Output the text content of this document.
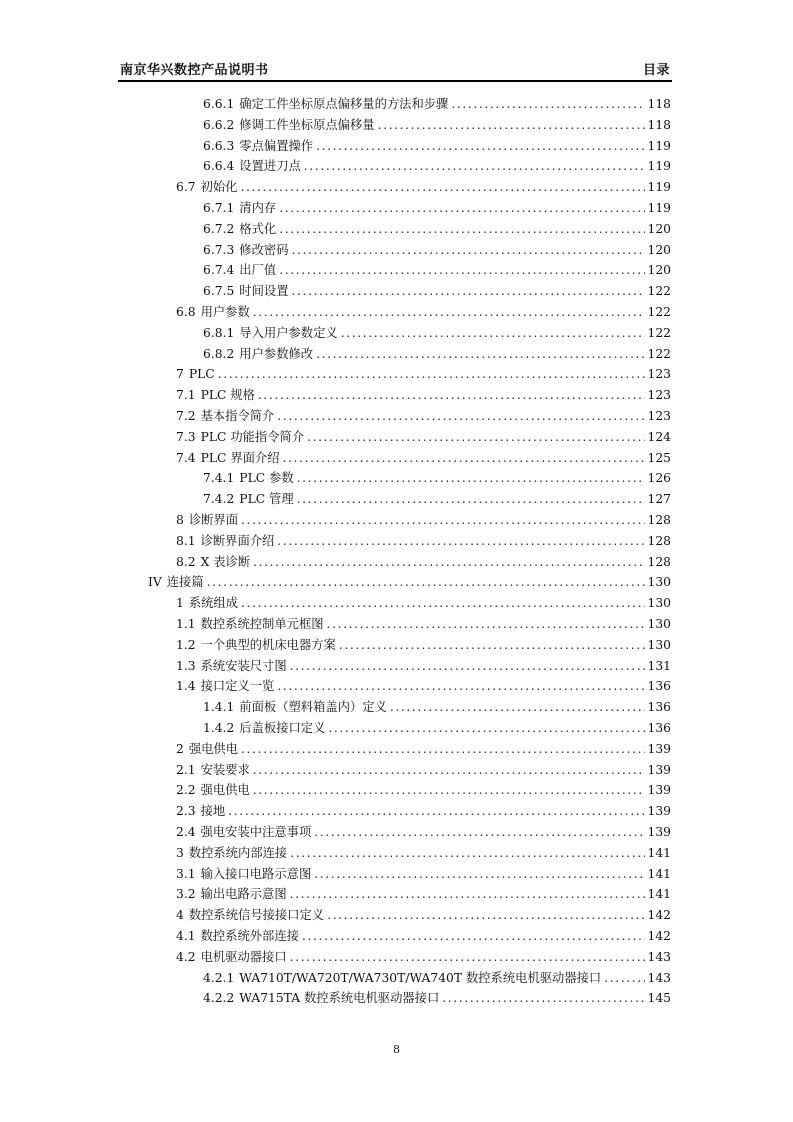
南京华兴数控产品说明书	目录
6.6.1 确定工件坐标原点偏移量的方法和步骤 .....	118
6.6.2 修调工件坐标原点偏移量 .....	118
6.6.3 零点偏置操作 .....	119
6.6.4 设置进刀点 .....	119
6.7 初始化 .....	119
6.7.1 清内存 .....	119
6.7.2 格式化 .....	120
6.7.3 修改密码 .....	120
6.7.4 出厂值 .....	120
6.7.5 时间设置 .....	122
6.8 用户参数 .....	122
6.8.1 导入用户参数定义 .....	122
6.8.2 用户参数修改 .....	122
7 PLC .....	123
7.1 PLC 规格 .....	123
7.2 基本指令简介 .....	123
7.3 PLC 功能指令简介 .....	124
7.4 PLC 界面介绍 .....	125
7.4.1 PLC 参数 .....	126
7.4.2 PLC 管理 .....	127
8 诊断界面 .....	128
8.1 诊断界面介绍 .....	128
8.2 X 表诊断 .....	128
IV 连接篇 .....	130
1 系统组成 .....	130
1.1 数控系统控制单元框图 .....	130
1.2 一个典型的机床电器方案 .....	130
1.3 系统安装尺寸图 .....	131
1.4 接口定义一览 .....	136
1.4.1 前面板（塑料箱盖内）定义 .....	136
1.4.2 后盖板接口定义 .....	136
2 强电供电 .....	139
2.1 安装要求 .....	139
2.2 强电供电 .....	139
2.3 接地 .....	139
2.4 强电安装中注意事项 .....	139
3 数控系统内部连接 .....	141
3.1 输入接口电路示意图 .....	141
3.2 输出电路示意图 .....	141
4 数控系统信号接接口定义 .....	142
4.1 数控系统外部连接 .....	142
4.2 电机驱动器接口 .....	143
4.2.1 WA710T/WA720T/WA730T/WA740T 数控系统电机驱动器接口 .....	143
4.2.2 WA715TA 数控系统电机驱动器接口 .....	145
8
